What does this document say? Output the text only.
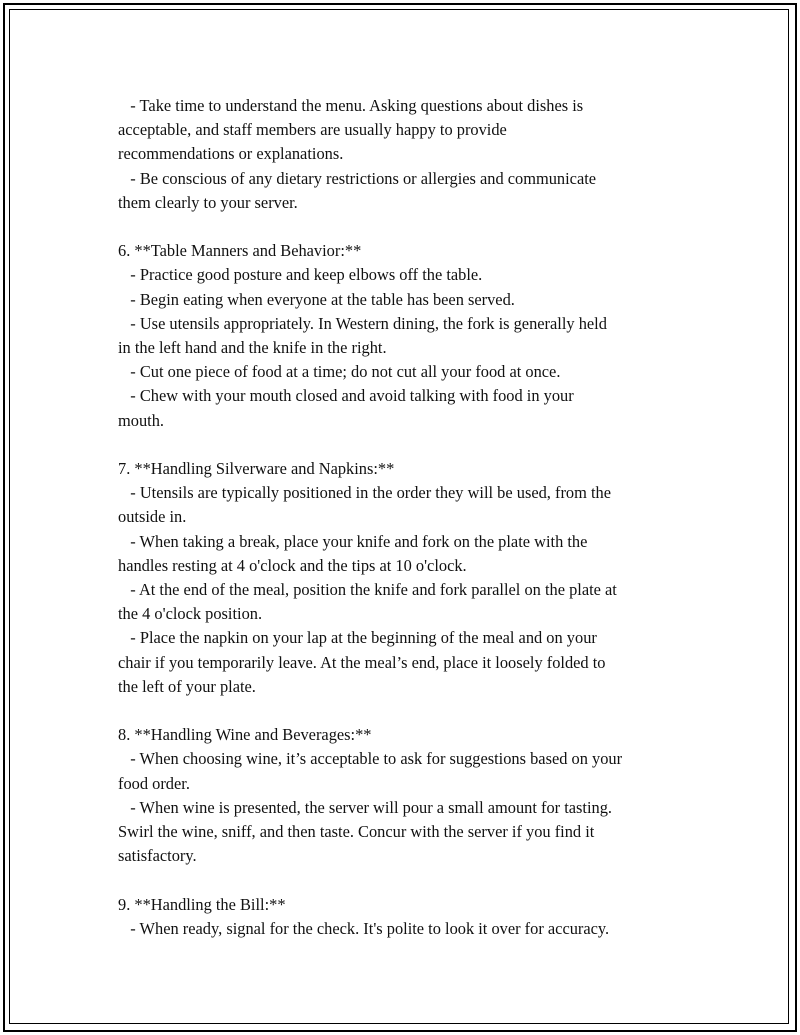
- Take time to understand the menu. Asking questions about dishes is
acceptable, and staff members are usually happy to provide
recommendations or explanations.
- Be conscious of any dietary restrictions or allergies and communicate
them clearly to your server.
6. **Table Manners and Behavior:**
- Practice good posture and keep elbows off the table.
- Begin eating when everyone at the table has been served.
- Use utensils appropriately. In Western dining, the fork is generally held
in the left hand and the knife in the right.
- Cut one piece of food at a time; do not cut all your food at once.
- Chew with your mouth closed and avoid talking with food in your
mouth.
7. **Handling Silverware and Napkins:**
- Utensils are typically positioned in the order they will be used, from the
outside in.
- When taking a break, place your knife and fork on the plate with the
handles resting at 4 o'clock and the tips at 10 o'clock.
- At the end of the meal, position the knife and fork parallel on the plate at
the 4 o'clock position.
- Place the napkin on your lap at the beginning of the meal and on your
chair if you temporarily leave. At the meal’s end, place it loosely folded to
the left of your plate.
8. **Handling Wine and Beverages:**
- When choosing wine, it’s acceptable to ask for suggestions based on your
food order.
- When wine is presented, the server will pour a small amount for tasting.
Swirl the wine, sniff, and then taste. Concur with the server if you find it
satisfactory.
9. **Handling the Bill:**
- When ready, signal for the check. It's polite to look it over for accuracy.
